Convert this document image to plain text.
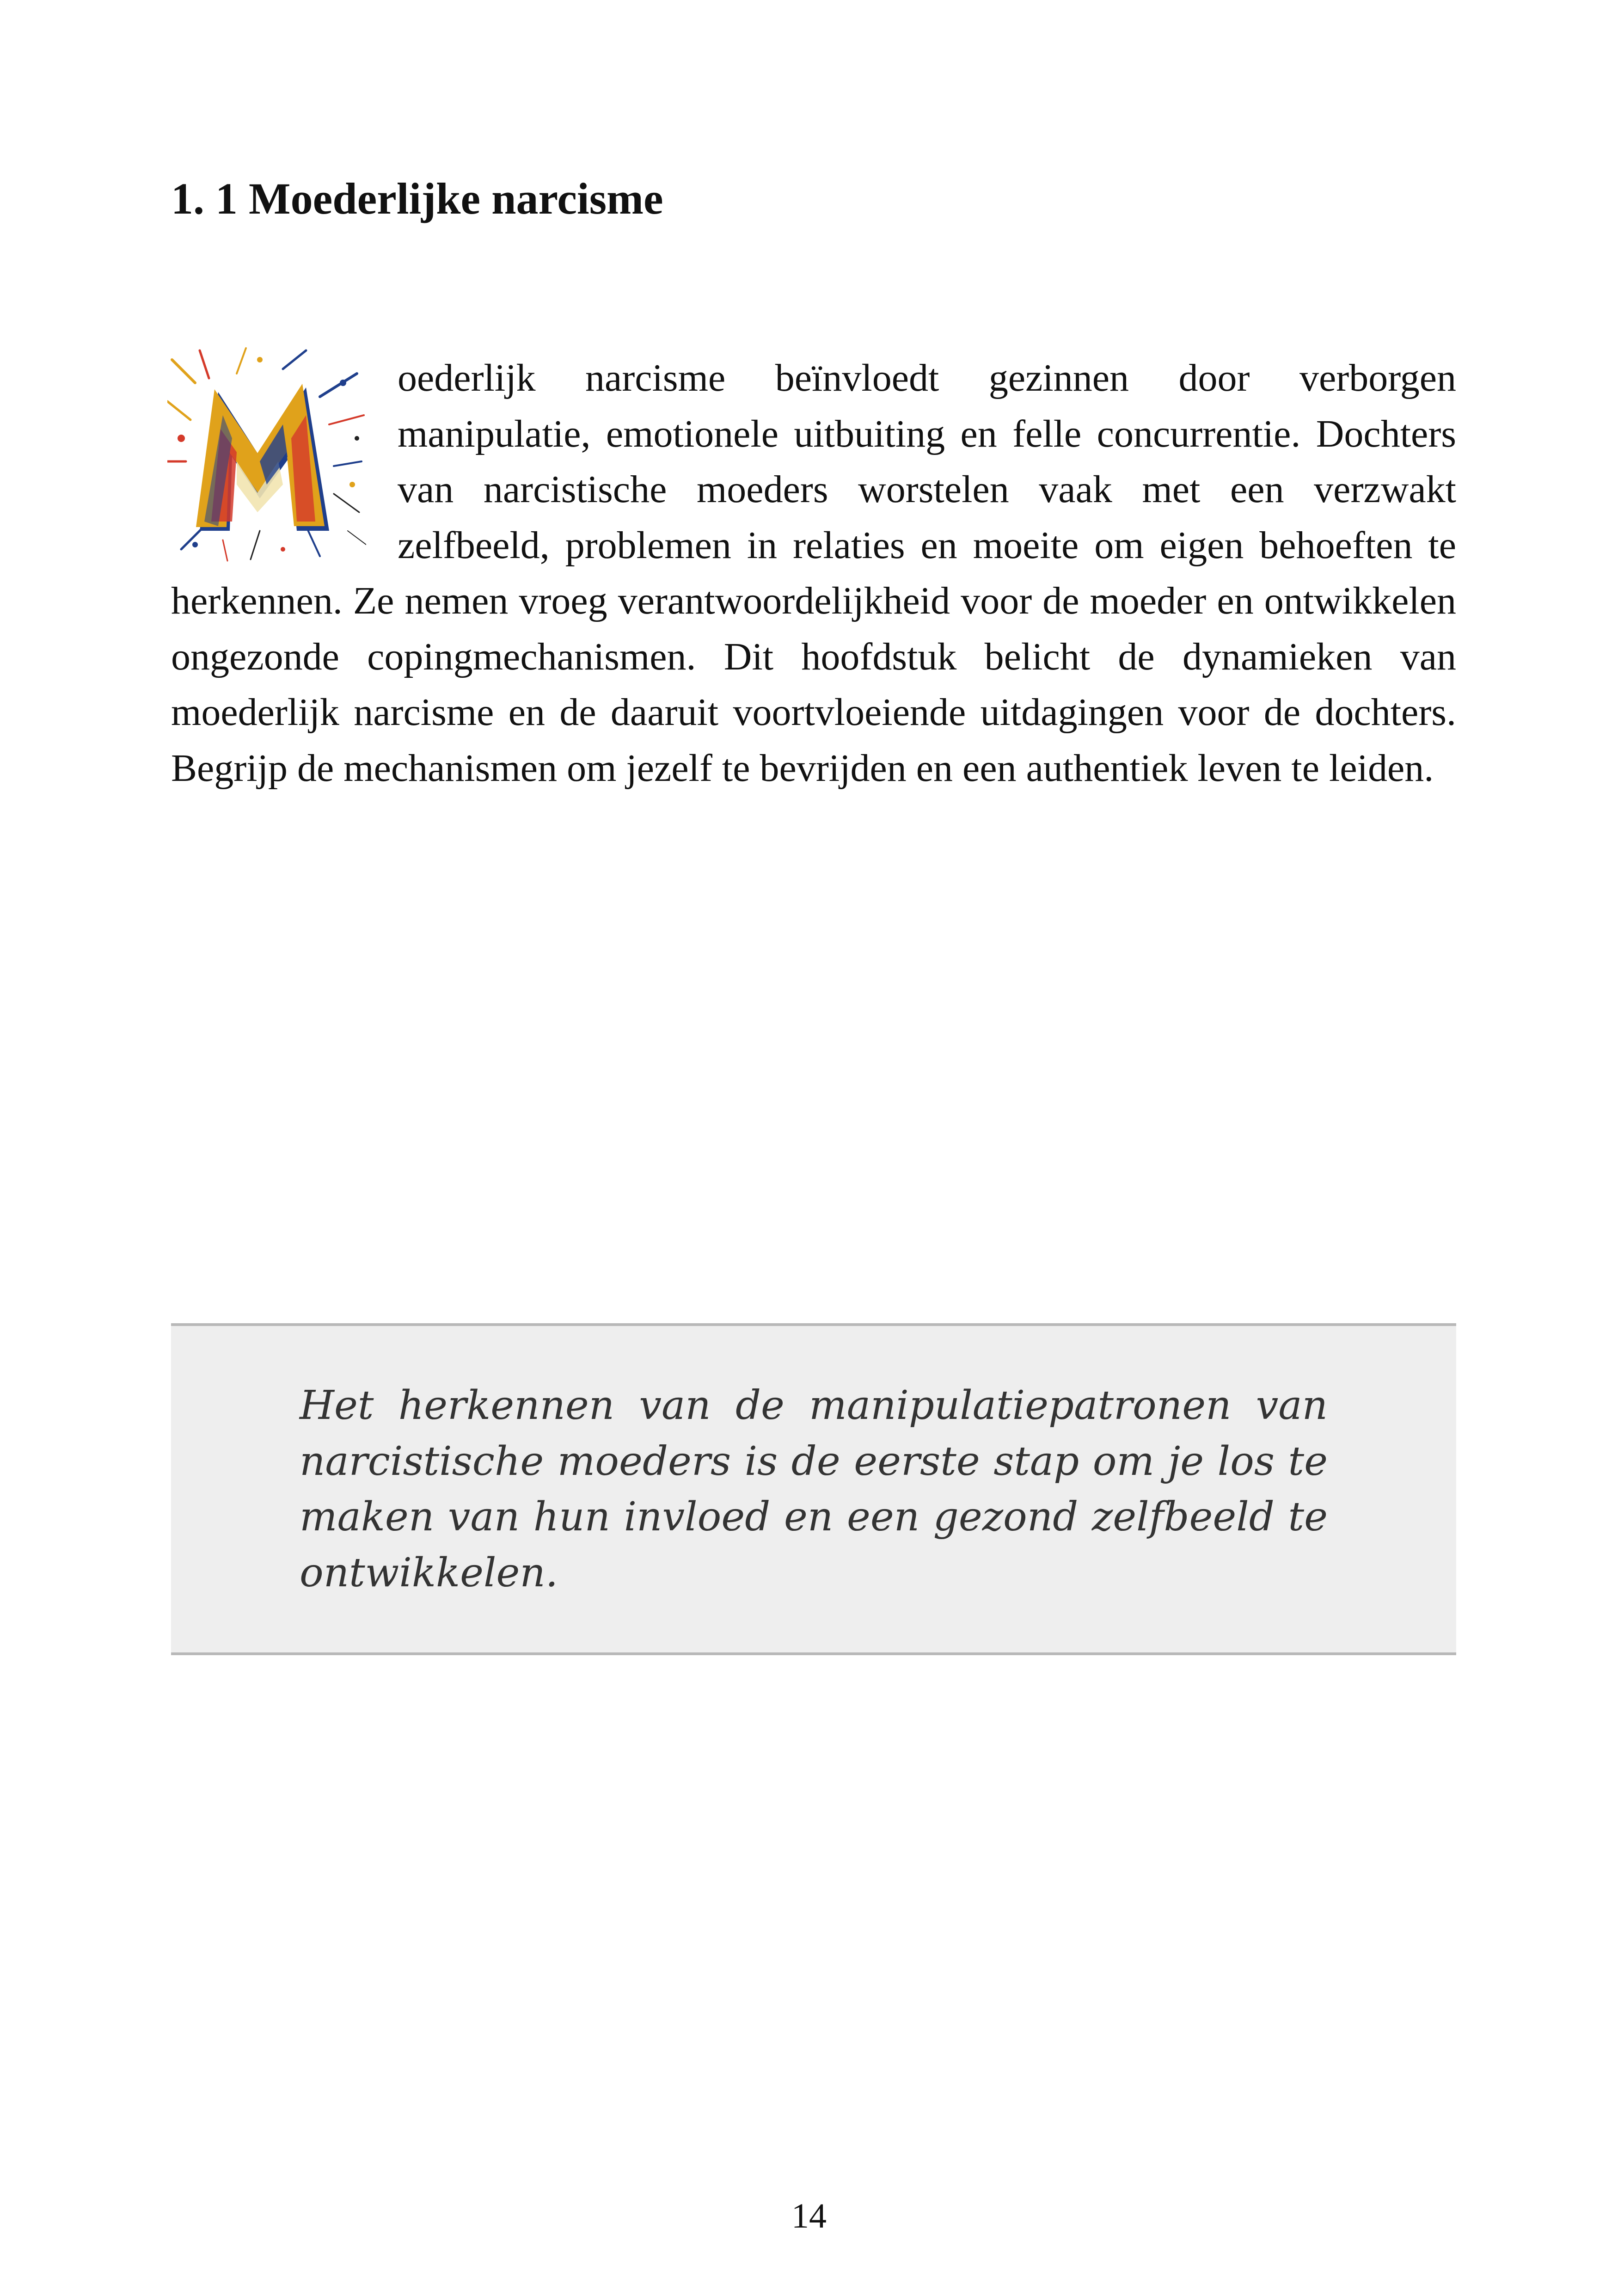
1. 1 Moederlijke narcisme

oederlijk narcisme beïnvloedt gezinnen door verborgen manipulatie, emotionele uitbuiting en felle concurrentie. Dochters van narcistische moeders worstelen vaak met een verzwakt zelfbeeld, problemen in relaties en moeite om eigen behoeften te herkennen. Ze nemen vroeg verantwoordelijkheid voor de moeder en ontwikkelen ongezonde copingmechanismen. Dit hoofdstuk belicht de dynamieken van moederlijk narcisme en de daaruit voortvloeiende uitdagingen voor de dochters. Begrijp de mechanismen om jezelf te bevrijden en een authentiek leven te leiden.

Het herkennen van de manipulatiepatronen van narcistische moeders is de eerste stap om je los te maken van hun invloed en een gezond zelfbeeld te ontwikkelen.

14
